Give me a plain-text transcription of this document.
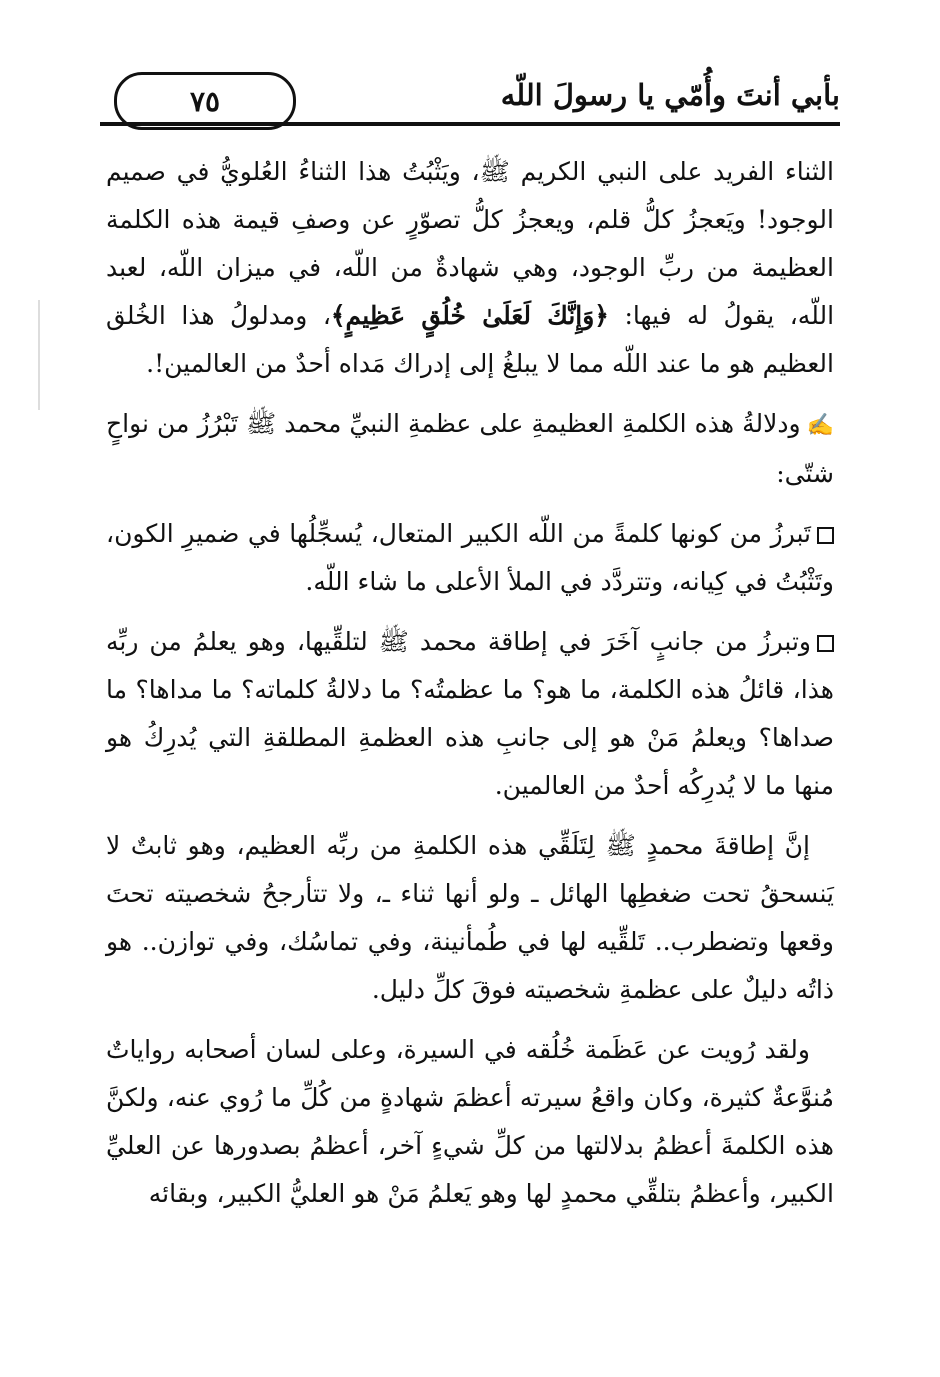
بأبي أنتَ وأُمّي يا رسولَ اللّه
٧٥
الثناء الفريد على النبي الكريم ﷺ، ويَثْبُتُ هذا الثناءُ العُلويُّ في صميم الوجود! ويَعجزُ كلُّ قلم، ويعجزُ كلُّ تصوّرٍ عن وصفِ قيمة هذه الكلمة العظيمة من ربِّ الوجود، وهي شهادةٌ من اللّه، في ميزان اللّه، لعبد اللّه، يقولُ له فيها: ﴿وَإِنَّكَ لَعَلَىٰ خُلُقٍ عَظِيمٍ﴾، ومدلولُ هذا الخُلق العظيم هو ما عند اللّه مما لا يبلغُ إلى إدراك مَداه أحدٌ من العالمين!.
✍ودلالةُ هذه الكلمةِ العظيمةِ على عظمةِ النبيِّ محمد ﷺ تَبْرُزُ من نواحٍ شتّى:
تَبرزُ من كونها كلمةً من اللّه الكبير المتعال، يُسجِّلُها في ضميرِ الكون، وتَثْبُتُ في كِيانه، وتتردَّد في الملأ الأعلى ما شاء اللّه.
وتبرزُ من جانبٍ آخَرَ في إطاقة محمد ﷺ لتلقِّيها، وهو يعلمُ من ربِّه هذا، قائلُ هذه الكلمة، ما هو؟ ما عظمتُه؟ ما دلالةُ كلماته؟ ما مداها؟ ما صداها؟ ويعلمُ مَنْ هو إلى جانبِ هذه العظمةِ المطلقةِ التي يُدرِكُ هو منها ما لا يُدرِكُه أحدٌ من العالمين.
إنَّ إطاقةَ محمدٍ ﷺ لِتَلَقِّي هذه الكلمةِ من ربِّه العظيم، وهو ثابتٌ لا يَنسحقُ تحت ضغطِها الهائل ـ ولو أنها ثناء ـ، ولا تتأرجحُ شخصيته تحتَ وقعها وتضطرب.. تَلقِّيه لها في طُمأنينة، وفي تماسُك، وفي توازن.. هو ذاتُه دليلٌ على عظمةِ شخصيته فوقَ كلِّ دليل.
ولقد رُويت عن عَظَمة خُلُقه في السيرة، وعلى لسان أصحابه رواياتٌ مُنوَّعةٌ كثيرة، وكان واقعُ سيرته أعظمَ شهادةٍ من كُلِّ ما رُوي عنه، ولكنَّ هذه الكلمةَ أعظمُ بدلالتها من كلِّ شيءٍ آخر، أعظمُ بصدورها عن العليِّ الكبير، وأعظمُ بتلقِّي محمدٍ لها وهو يَعلمُ مَنْ هو العليُّ الكبير، وبقائه
